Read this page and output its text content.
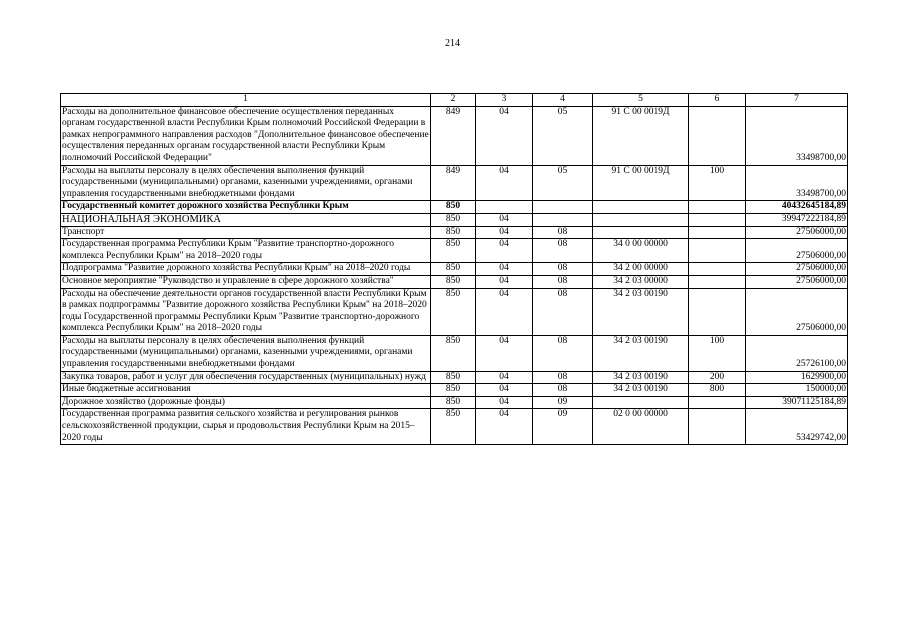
214
1	2	3	4	5	6	7
Расходы на дополнительное финансовое обеспечение осуществления переданных органам государственной власти Республики Крым полномочий Российской Федерации в рамках непрограммного направления расходов "Дополнительное финансовое обеспечение осуществления переданных органам государственной власти Республики Крым полномочий Российской Федерации"	849	04	05	91 С 00 0019Д		33498700,00
Расходы на выплаты персоналу в целях обеспечения выполнения функций государственными (муниципальными) органами, казенными учреждениями, органами управления государственными внебюджетными фондами	849	04	05	91 С 00 0019Д	100	33498700,00
Государственный комитет дорожного хозяйства Республики Крым	850					40432645184,89
НАЦИОНАЛЬНАЯ ЭКОНОМИКА	850	04				39947222184,89
Транспорт	850	04	08			27506000,00
Государственная программа Республики Крым "Развитие транспортно-дорожного комплекса Республики Крым" на 2018–2020 годы	850	04	08	34 0 00 00000		27506000,00
Подпрограмма "Развитие дорожного хозяйства Республики Крым" на 2018–2020 годы	850	04	08	34 2 00 00000		27506000,00
Основное мероприятие "Руководство и управление в сфере дорожного хозяйства"	850	04	08	34 2 03 00000		27506000,00
Расходы на обеспечение деятельности органов государственной власти Республики Крым в рамках подпрограммы "Развитие дорожного хозяйства Республики Крым" на 2018–2020 годы Государственной программы Республики Крым "Развитие транспортно-дорожного комплекса Республики Крым" на 2018–2020 годы	850	04	08	34 2 03 00190		27506000,00
Расходы на выплаты персоналу в целях обеспечения выполнения функций государственными (муниципальными) органами, казенными учреждениями, органами управления государственными внебюджетными фондами	850	04	08	34 2 03 00190	100	25726100,00
Закупка товаров, работ и услуг для обеспечения государственных (муниципальных) нужд	850	04	08	34 2 03 00190	200	1629900,00
Иные бюджетные ассигнования	850	04	08	34 2 03 00190	800	150000,00
Дорожное хозяйство (дорожные фонды)	850	04	09			39071125184,89
Государственная программа развития сельского хозяйства и регулирования рынков сельскохозяйственной продукции, сырья и продовольствия Республики Крым на 2015–2020 годы	850	04	09	02 0 00 00000		53429742,00
